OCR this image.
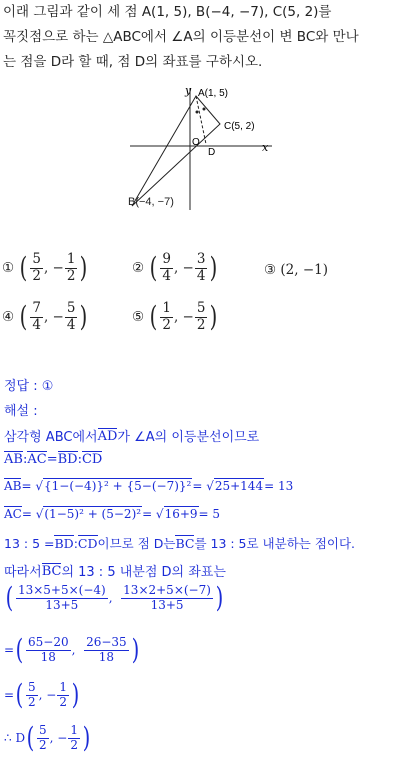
이래 그림과 같이 세 점 A(1, 5), B(−4, −7), C(5, 2)를
꼭짓점으로 하는 △ABC에서 ∠A의 이등분선이 변 BC와 만나
는 점을 D라 할 때, 점 D의 좌표를 구하시오.
y
x
A(1, 5)
C(5, 2)
O
D
B(−4, −7)
①
( $\frac{5}{2}$ , − $\frac{1}{2}$ )	②
( $\frac{9}{4}$ , − $\frac{3}{4}$ )	③
(2, −1)
④
( $\frac{7}{4}$ , − $\frac{5}{4}$ )	⑤
( $\frac{1}{2}$ , − $\frac{5}{2}$ )
정답 : ①
해설 :
삼각형 ABC에서 AD 가 ∠A의 이등분선이므로
AB : AC = BD : CD
AB = √ {1−(−4)}² + {5−(−7)}² = √ 25+144 = 13
AC = √ (1−5)² + (5−2)² = √ 16+9 = 5
13 : 5 = BD : CD 이므로 점 D는 BC 를 13 : 5로 내분하는 점이다.
따라서 BC 의 13 : 5 내분점 D의 좌표는
( $\frac{13\times 5+5\times(-4)}{13+5}$ ,
$\frac{13\times 2+5\times(-7)}{13+5}$ )
= ( $\frac{65-20}{18}$ ,
$\frac{26-35}{18}$ )
= ( $\frac{5}{2}$ , − $\frac{1}{2}$ )
∴ D ( $\frac{5}{2}$ , − $\frac{1}{2}$ )
